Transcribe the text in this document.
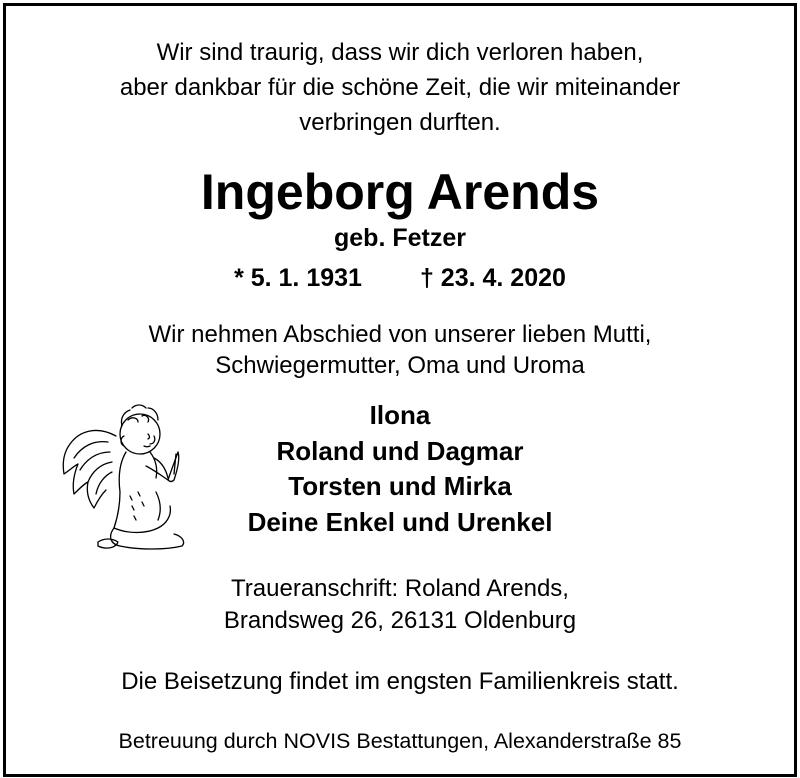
Wir sind traurig, dass wir dich verloren haben,
aber dankbar für die schöne Zeit, die wir miteinander
verbringen durften.
Ingeborg Arends
geb. Fetzer
* 5. 1. 1931 † 23. 4. 2020
Wir nehmen Abschied von unserer lieben Mutti,
Schwiegermutter, Oma und Uroma
Ilona
Roland und Dagmar
Torsten und Mirka
Deine Enkel und Urenkel
Traueranschrift: Roland Arends,
Brandsweg 26, 26131 Oldenburg
Die Beisetzung findet im engsten Familienkreis statt.
Betreuung durch NOVIS Bestattungen, Alexanderstraße 85
